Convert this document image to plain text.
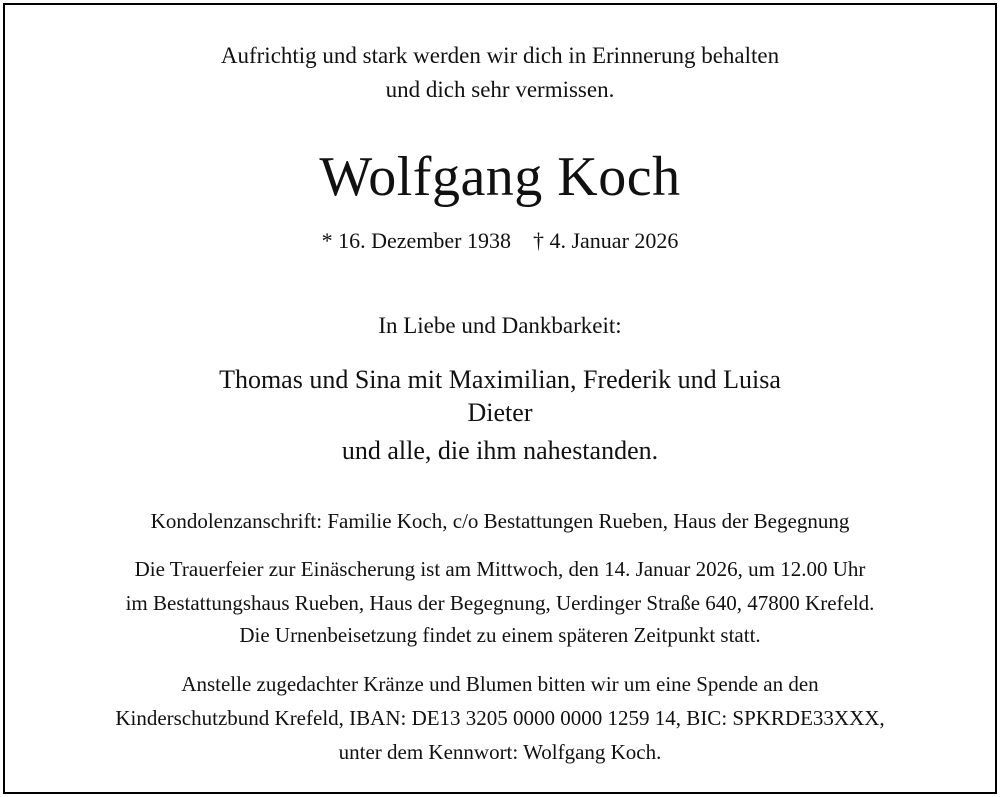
Aufrichtig und stark werden wir dich in Erinnerung behalten
und dich sehr vermissen.
Wolfgang Koch
* 16. Dezember 1938 † 4. Januar 2026
In Liebe und Dankbarkeit:
Thomas und Sina mit Maximilian, Frederik und Luisa
Dieter
und alle, die ihm nahestanden.
Kondolenzanschrift: Familie Koch, c/o Bestattungen Rueben, Haus der Begegnung
Die Trauerfeier zur Einäscherung ist am Mittwoch, den 14. Januar 2026, um 12.00 Uhr
im Bestattungshaus Rueben, Haus der Begegnung, Uerdinger Straße 640, 47800 Krefeld.
Die Urnenbeisetzung findet zu einem späteren Zeitpunkt statt.
Anstelle zugedachter Kränze und Blumen bitten wir um eine Spende an den
Kinderschutzbund Krefeld, IBAN: DE13 3205 0000 0000 1259 14, BIC: SPKRDE33XXX,
unter dem Kennwort: Wolfgang Koch.
